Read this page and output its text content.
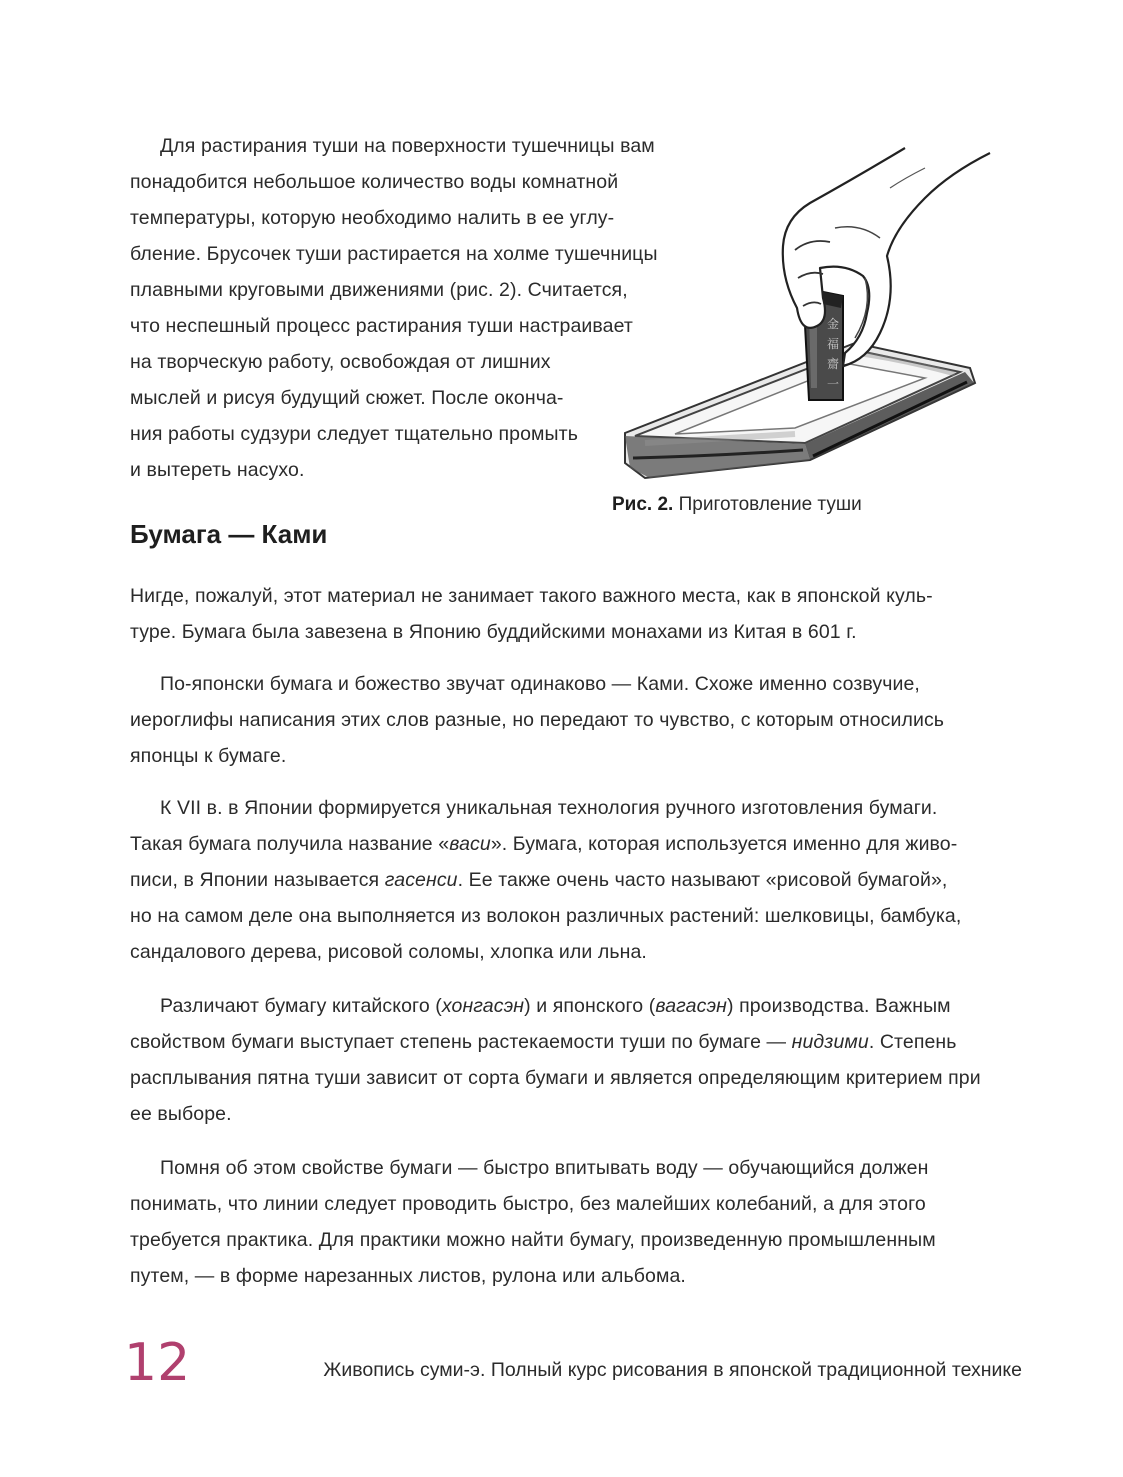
Для растирания туши на поверхности тушечницы вам
понадобится небольшое количество воды комнатной
температуры, которую необходимо налить в ее углу-
бление. Брусочек туши растирается на холме тушечницы
плавными круговыми движениями (рис. 2). Считается,
что неспешный процесс растирания туши настраивает
на творческую работу, освобождая от лишних
мыслей и рисуя будущий сюжет. После оконча-
ния работы судзури следует тщательно промыть
и вытереть насухо.
金
福
齋
一
Рис. 2. Приготовление туши
Бумага — Ками
Нигде, пожалуй, этот материал не занимает такого важного места, как в японской куль-
туре. Бумага была завезена в Японию буддийскими монахами из Китая в 601 г.
По-японски бумага и божество звучат одинаково — Ками. Схоже именно созвучие,
иероглифы написания этих слов разные, но передают то чувство, с которым относились
японцы к бумаге.
К VII в. в Японии формируется уникальная технология ручного изготовления бумаги.
Такая бумага получила название «васи». Бумага, которая используется именно для живо-
писи, в Японии называется гасенси. Ее также очень часто называют «рисовой бумагой»,
но на самом деле она выполняется из волокон различных растений: шелковицы, бамбука,
сандалового дерева, рисовой соломы, хлопка или льна.
Различают бумагу китайского (хонгасэн) и японского (вагасэн) производства. Важным
свойством бумаги выступает степень растекаемости туши по бумаге — нидзими. Степень
расплывания пятна туши зависит от сорта бумаги и является определяющим критерием при
ее выборе.
Помня об этом свойстве бумаги — быстро впитывать воду — обучающийся должен
понимать, что линии следует проводить быстро, без малейших колебаний, а для этого
требуется практика. Для практики можно найти бумагу, произведенную промышленным
путем, — в форме нарезанных листов, рулона или альбома.
12	Живопись суми-э. Полный курс рисования в японской традиционной технике
